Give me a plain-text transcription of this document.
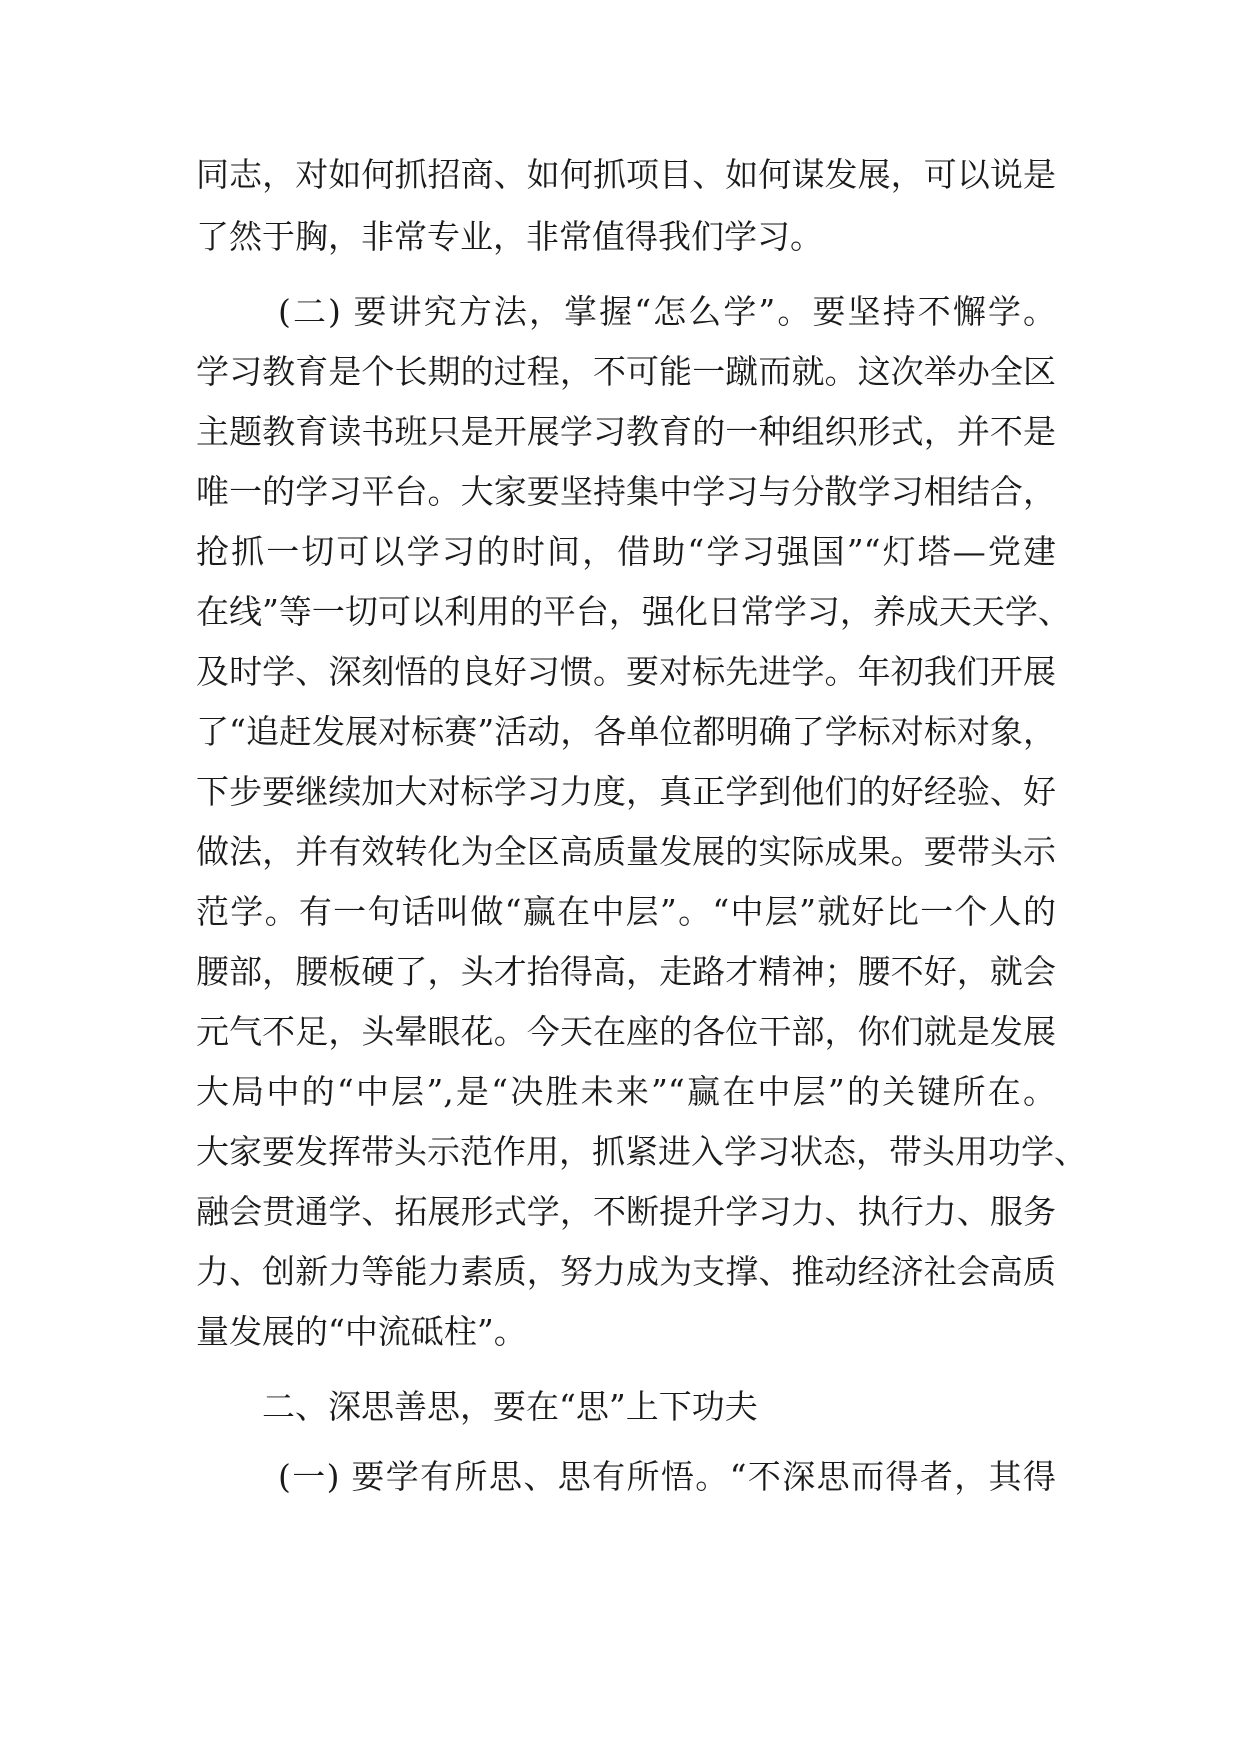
同志，对如何抓招商、如何抓项目、如何谋发展，可以说是
了然于胸，非常专业，非常值得我们学习。
(二) 要讲究方法，掌握“怎么学”。要坚持不懈学。
学习教育是个长期的过程，不可能一蹴而就。这次举办全区
主题教育读书班只是开展学习教育的一种组织形式，并不是
唯一的学习平台。大家要坚持集中学习与分散学习相结合，
抢抓一切可以学习的时间，借助“学习强国”“灯塔—党建
在线”等一切可以利用的平台，强化日常学习，养成天天学、
及时学、深刻悟的良好习惯。要对标先进学。年初我们开展
了“追赶发展对标赛”活动，各单位都明确了学标对标对象，
下步要继续加大对标学习力度，真正学到他们的好经验、好
做法，并有效转化为全区高质量发展的实际成果。要带头示
范学。有一句话叫做“赢在中层”。“中层”就好比一个人的
腰部，腰板硬了，头才抬得高，走路才精神；腰不好，就会
元气不足，头晕眼花。今天在座的各位干部，你们就是发展
大局中的“中层”,是“决胜未来”“赢在中层”的关键所在。
大家要发挥带头示范作用，抓紧进入学习状态，带头用功学、
融会贯通学、拓展形式学，不断提升学习力、执行力、服务
力、创新力等能力素质，努力成为支撑、推动经济社会高质
量发展的“中流砥柱”。
二、深思善思，要在“思”上下功夫
(一) 要学有所思、思有所悟。“不深思而得者，其得
